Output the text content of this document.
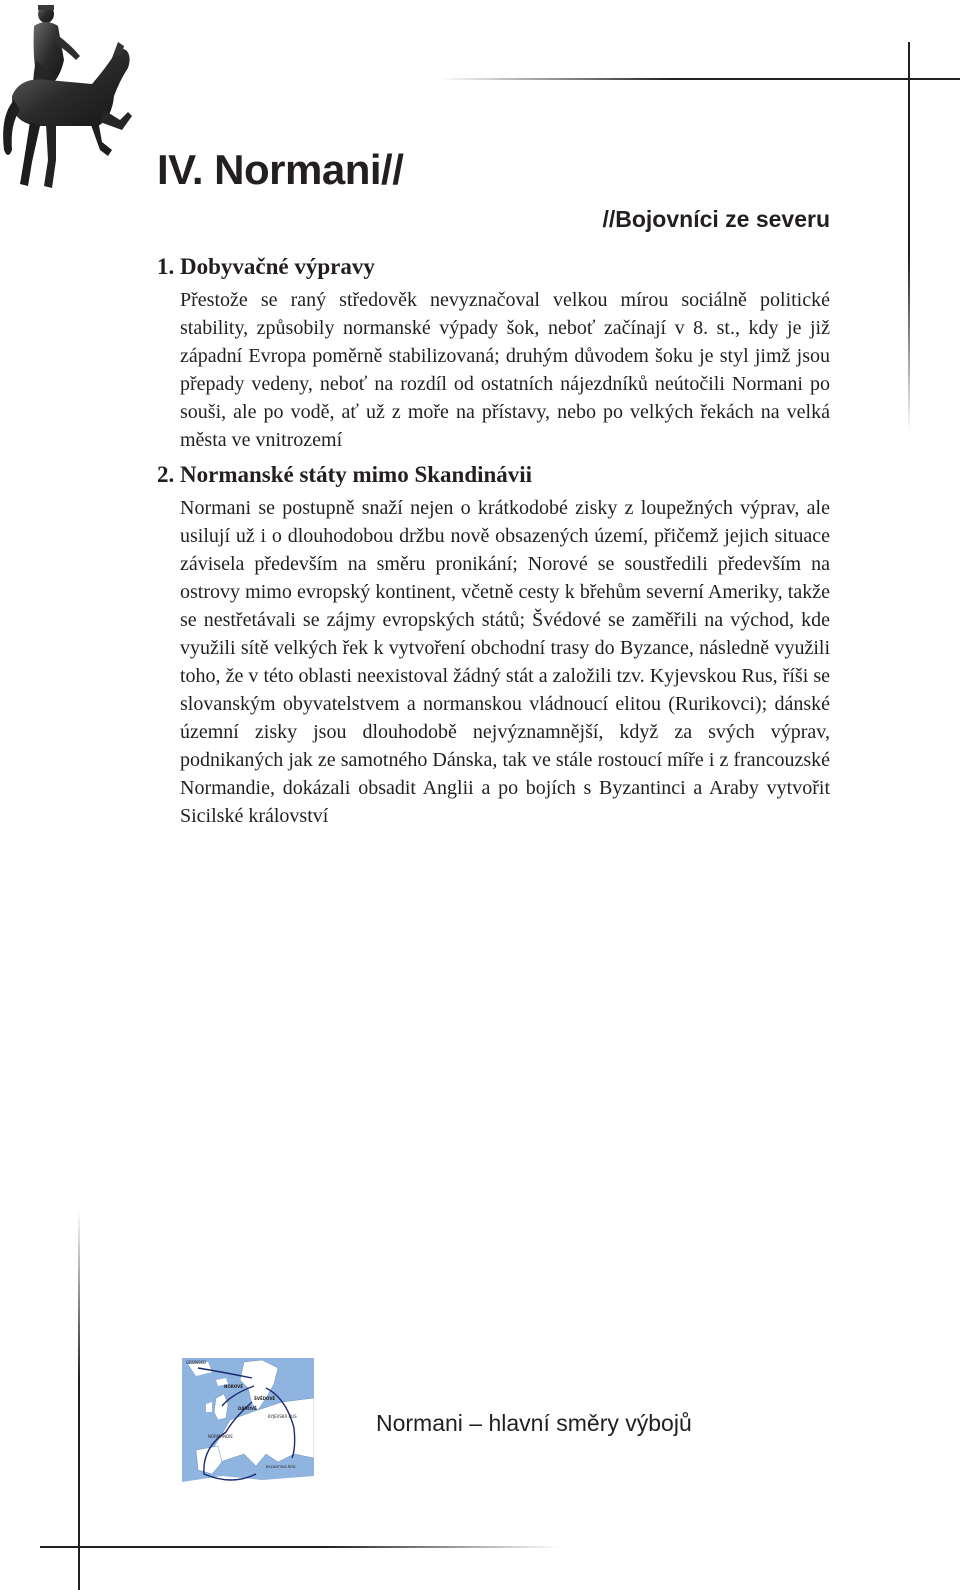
IV. Normani//
//Bojovníci ze severu
1. Dobyvačné výpravy

Přestože se raný středověk nevyznačoval velkou mírou sociálně politické stability, způsobily normanské výpady šok, neboť začínají v 8. st., kdy je již západní Evropa poměrně stabilizovaná; druhým důvodem šoku je styl jimž jsou přepady vedeny, neboť na rozdíl od ostatních nájezdníků neútočili Normani po souši, ale po vodě, ať už z moře na přístavy, nebo po velkých řekách na velká města ve vnitrozemí

2. Normanské státy mimo Skandinávii

Normani se postupně snaží nejen o krátkodobé zisky z loupežných výprav, ale usilují už i o dlouhodobou držbu nově obsazených území, přičemž jejich situace závisela především na směru pronikání; Norové se soustředili především na ostrovy mimo evropský kontinent, včetně cesty k břehům severní Ameriky, takže se nestřetávali se zájmy evropských států; Švédové se zaměřili na východ, kde využili sítě velkých řek k vytvoření obchodní trasy do Byzance, následně využili toho, že v této oblasti neexistoval žádný stát a založili tzv. Kyjevskou Rus, říši se slovanským obyvatelstvem a normanskou vládnoucí elitou (Rurikovci); dánské územní zisky jsou dlouhodobě nejvýznamnější, když za svých výprav, podnikaných jak ze samotného Dánska, tak ve stále rostoucí míře i z francouzské Normandie, dokázali obsadit Anglii a po bojích s Byzantinci a Araby vytvořit Sicilské království

GRÓNSKO
NOROVÉ
ŠVÉDOVÉ
DÁNOVÉ
KYJEVSKÁ RUS
NORMANDIE
BYZANTSKÁ ŘÍŠE

Normani – hlavní směry výbojů
